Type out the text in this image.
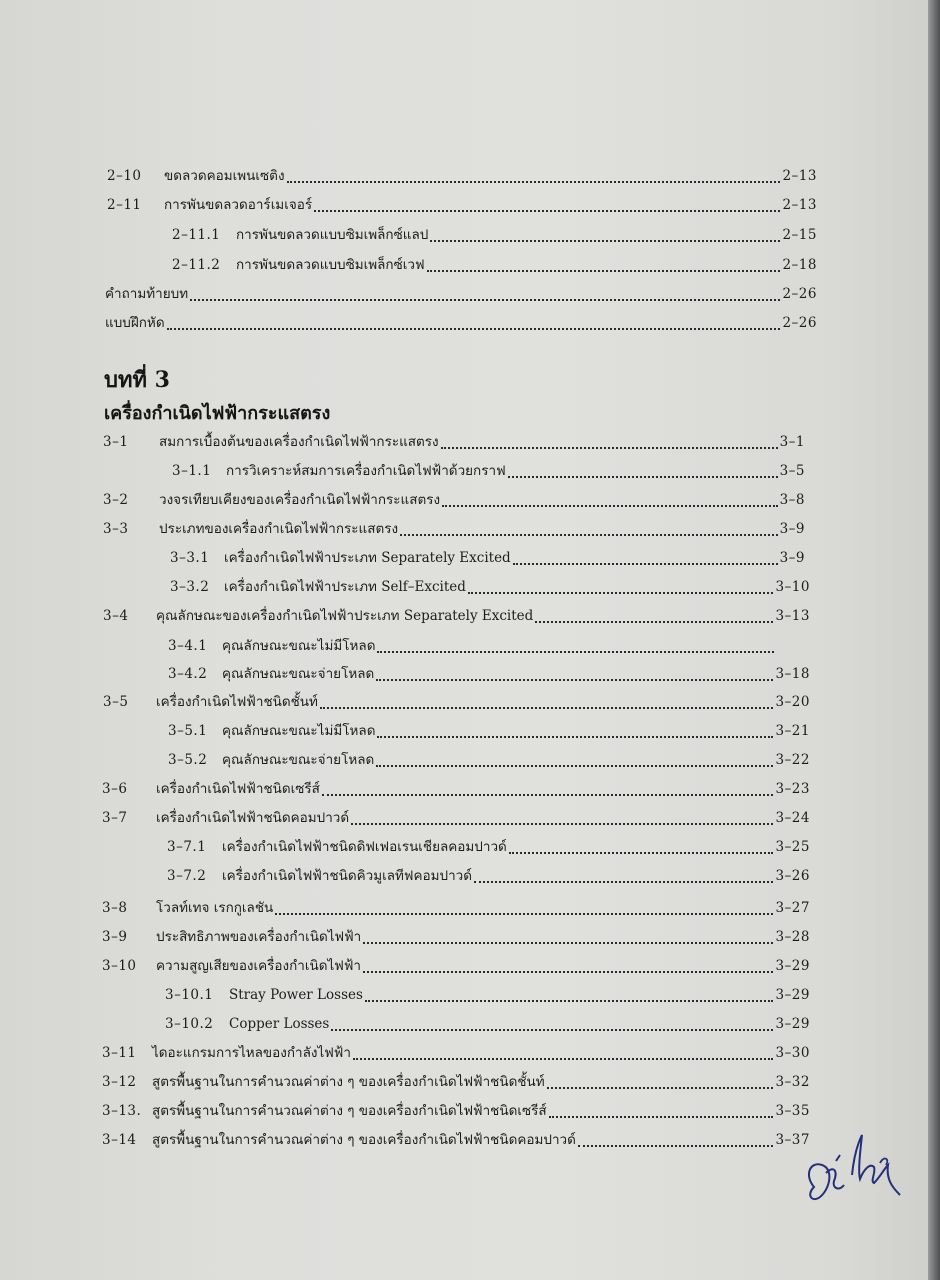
2–10	ขดลวดคอมเพนเซติง	2–13
2–11	การพันขดลวดอาร์เมเจอร์	2–13
2–11.1	การพันขดลวดแบบซิมเพล็กซ์แลป	2–15
2–11.2	การพันขดลวดแบบซิมเพล็กซ์เวฟ	2–18
คำถามท้ายบท	2–26
แบบฝึกหัด	2–26
บทที่ 3
เครื่องกำเนิดไฟฟ้ากระแสตรง
3–1	สมการเบื้องต้นของเครื่องกำเนิดไฟฟ้ากระแสตรง	3–1
3–1.1	การวิเคราะห์สมการเครื่องกำเนิดไฟฟ้าด้วยกราฟ	3–5
3–2	วงจรเทียบเคียงของเครื่องกำเนิดไฟฟ้ากระแสตรง	3–8
3–3	ประเภทของเครื่องกำเนิดไฟฟ้ากระแสตรง	3–9
3–3.1	เครื่องกำเนิดไฟฟ้าประเภท Separately Excited	3–9
3–3.2	เครื่องกำเนิดไฟฟ้าประเภท Self–Excited	3–10
3–4	คุณลักษณะของเครื่องกำเนิดไฟฟ้าประเภท Separately Excited	3–13
3–4.1	คุณลักษณะขณะไม่มีโหลด
3–4.2	คุณลักษณะขณะจ่ายโหลด	3–18
3–5	เครื่องกำเนิดไฟฟ้าชนิดชั้นท์	3–20
3–5.1	คุณลักษณะขณะไม่มีโหลด	3–21
3–5.2	คุณลักษณะขณะจ่ายโหลด	3–22
3–6	เครื่องกำเนิดไฟฟ้าชนิดเซรีส์	3–23
3–7	เครื่องกำเนิดไฟฟ้าชนิดคอมปาวด์	3–24
3–7.1	เครื่องกำเนิดไฟฟ้าชนิดดิฟเฟอเรนเชียลคอมปาวด์	3–25
3–7.2	เครื่องกำเนิดไฟฟ้าชนิดคิวมูเลทีฟคอมปาวด์	3–26
3–8	โวลท์เทจ เรกกูเลชัน	3–27
3–9	ประสิทธิภาพของเครื่องกำเนิดไฟฟ้า	3–28
3–10	ความสูญเสียของเครื่องกำเนิดไฟฟ้า	3–29
3–10.1	Stray Power Losses	3–29
3–10.2	Copper Losses	3–29
3–11	ไดอะแกรมการไหลของกำลังไฟฟ้า	3–30
3–12	สูตรพื้นฐานในการคำนวณค่าต่าง ๆ ของเครื่องกำเนิดไฟฟ้าชนิดชั้นท์	3–32
3–13. สูตรพื้นฐานในการคำนวณค่าต่าง ๆ ของเครื่องกำเนิดไฟฟ้าชนิดเซรีส์	3–35
3–14	สูตรพื้นฐานในการคำนวณค่าต่าง ๆ ของเครื่องกำเนิดไฟฟ้าชนิดคอมปาวด์	3–37
